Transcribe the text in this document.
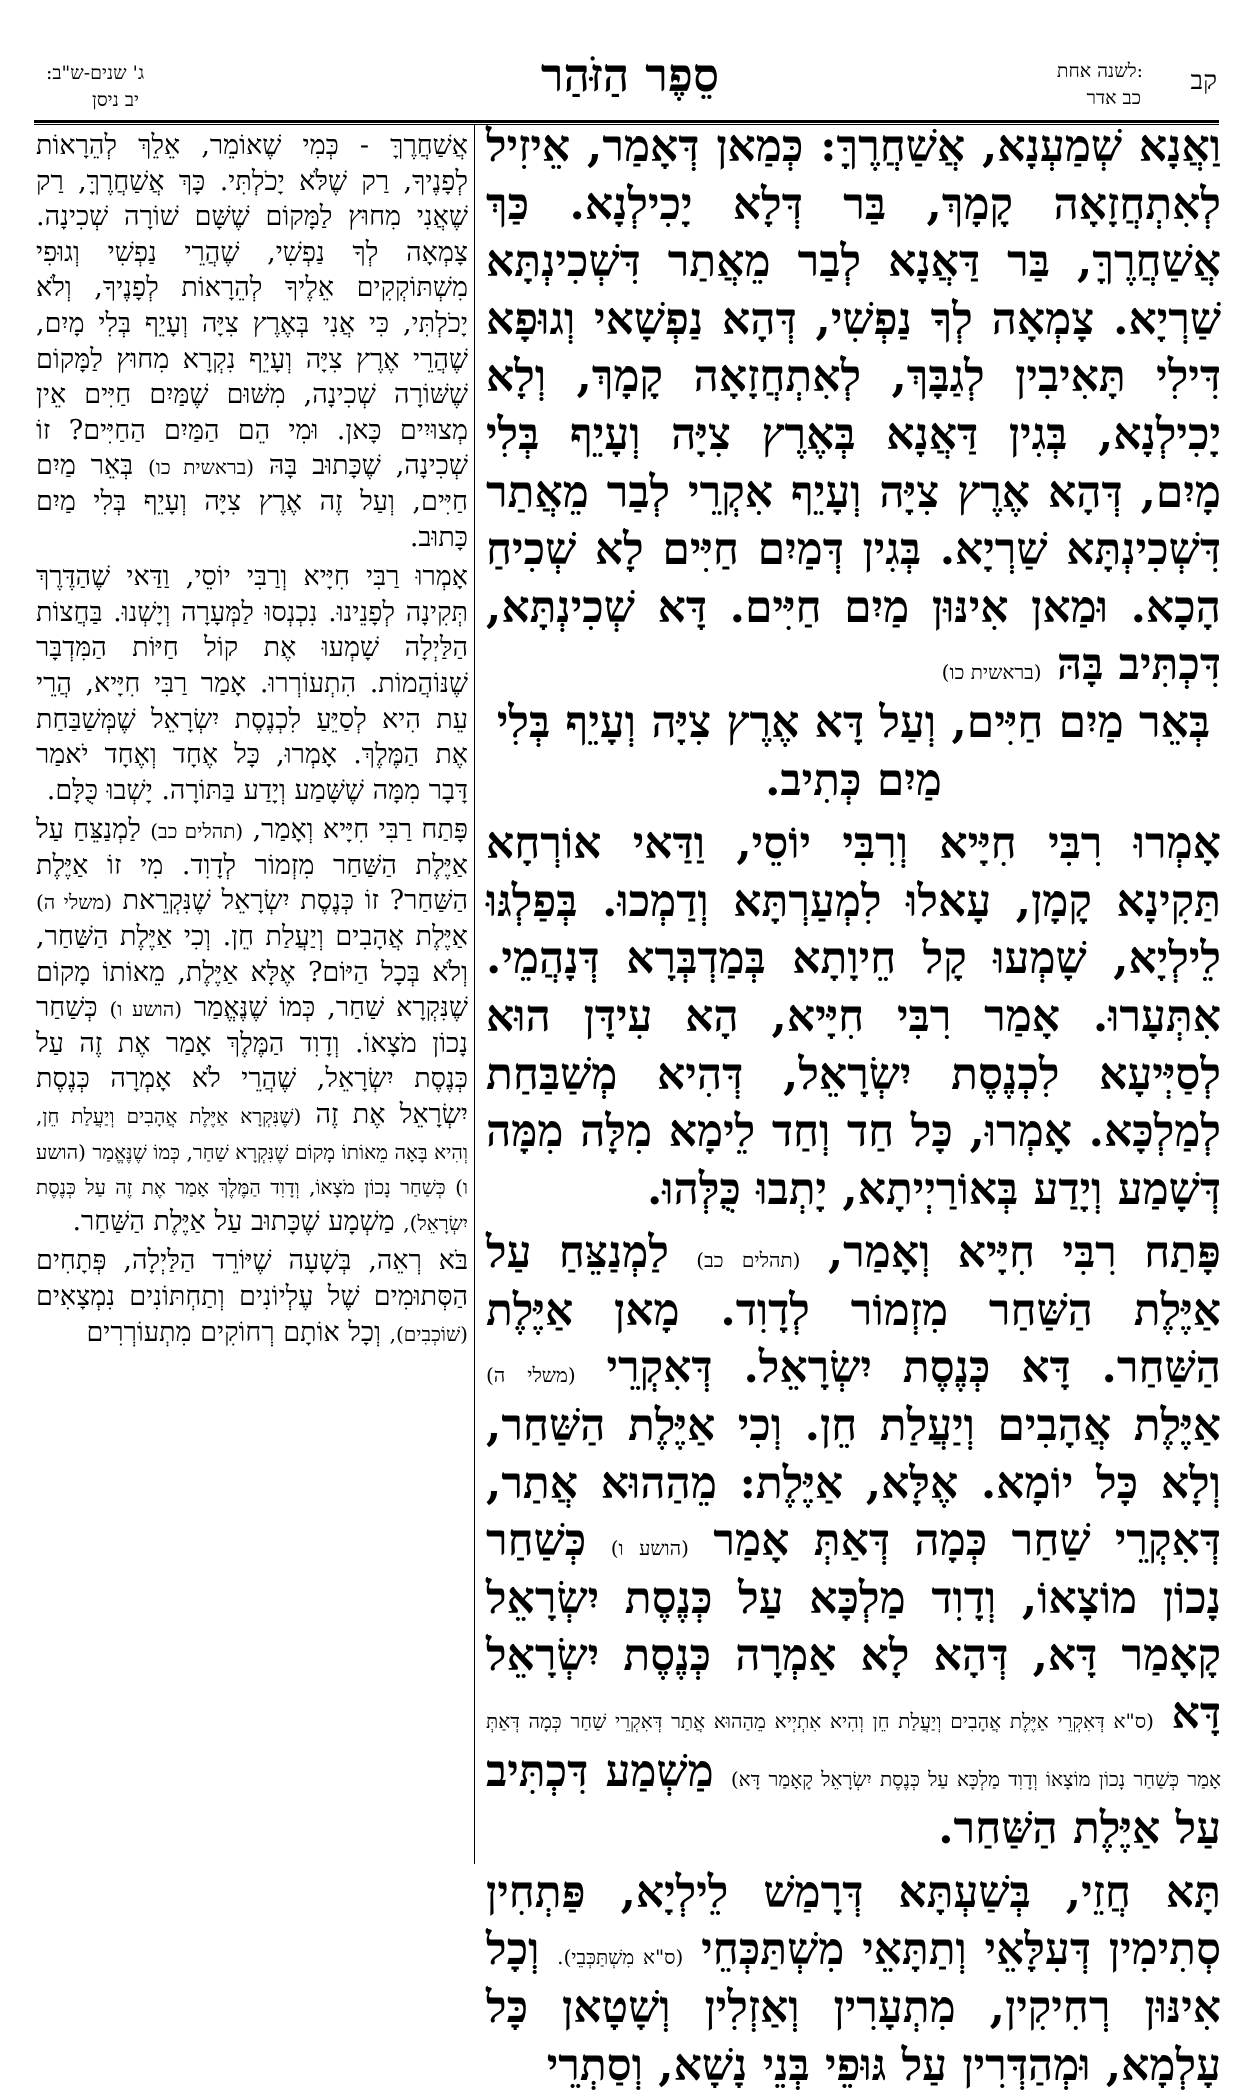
קב
לשנה אחת:
כב אדר
סֵפֶר הַזֹּהַר
ג' שנים-ש"ב:
יב ניסן

וַאֲנָא שְׁמַעְנָא, אֲשַׁחֲרֶךָּ: כְּמַאן דְּאָמַר, אֵיזִיל לְאִתְחֲזָאָה קָמָךְ, בַּר דְּלָא יָכִילְנָא. כַּךְ אֲשַׁחֲרֶךָּ, בַּר דַּאֲנָא לְבַר מֵאֲתַר דִּשְׁכִינְתָּא שַׁרְיָא. צָמְאָה לְךָ נַפְשִׁי, דְּהָא נַפְשָׁאי וְגוּפָא דִּילִי תָּאִיבִין לְגַבָּךְ, לְאִתְחֲזָאָה קָמָךְ, וְלָא יָכִילְנָא, בְּגִין דַּאֲנָא בְּאֶרֶץ צִיָּה וְעָיֵף בְּלִי מָיִם, דְּהָא אֶרֶץ צִיָּה וְעָיֵף אִקְרֵי לְבַר מֵאֲתַר דִּשְׁכִינְתָּא שַׁרְיָא. בְּגִין דְּמַיִם חַיִּים לָא שְׁכִיחַ הָכָא. וּמַאן אִינּוּן מַיִם חַיִּים. דָּא שְׁכִינְתָּא, דִּכְתִּיב בָּהּ (בראשית כו)

בְּאֵר מַיִם חַיִּים, וְעַל דָּא אֶרֶץ צִיָּה וְעָיֵף בְּלִי מַיִם כְּתִיב.

אָמְרוּ רִבִּי חִיָּיא וְרִבִּי יוֹסֵי, וַדַּאי אוֹרְחָא תַּקִינָא קָמָן, עָאלוּ לִמְעַרְתָּא וְדַמְכוּ. בְּפַלְגּוּ לֵילְיָא, שָׁמְעוּ קָל חֵיוָתָא בְּמַדְבְּרָא דְּנָהֲמֵי. אִתְּעָרוּ. אָמַר רִבִּי חִיָּיא, הָא עִידָּן הוּא לְסַיְּיעָא לִכְנֶסֶת יִשְׂרָאֵל, דְּהִיא מְשַׁבַּחַת לְמַלְכָּא. אָמְרוּ, כָּל חַד וְחַד לֵימָא מִלָּה מִמָּה דְּשָׁמַע וְיָדַע בְּאוֹרַיְיתָא, יָתְבוּ כֻּלְּהוּ.

פָּתַח רִבִּי חִיָּיא וְאָמַר, (תהלים כב) לַמְנַצֵּחַ עַל אַיֶּלֶת הַשַּׁחַר מִזְמוֹר לְדָוִד. מָאן אַיֶּלֶת הַשַּׁחַר. דָּא כְּנֶסֶת יִשְׂרָאֵל. דְּאִקְרֵי (משלי ה) אַיֶּלֶת אֲהָבִים וְיַעֲלַת חֵן. וְכִי אַיֶּלֶת הַשַּׁחַר, וְלָא כָּל יוֹמָא. אֶלָּא, אַיֶּלֶת: מֵהַהוּא אֲתַר, דְּאִקְרֵי שַׁחַר כְּמָה דְּאַתְּ אָמַר (הושע ו) כְּשַׁחַר נָכוֹן מוֹצָאוֹ, וְדָוִד מַלְכָּא עַל כְּנֶסֶת יִשְׂרָאֵל קָאָמַר דָּא, דְּהָא לָא אַמְרָה כְּנֶסֶת יִשְׂרָאֵל דָּא (ס"א דְּאִקְרֵי אַיֶּלֶת אֲהָבִים וְיַעֲלַת חֵן וְהִיא אִתְיְיא מֵהַהוּא אֲתַר דְּאִקְרֵי שַׁחַר כְּמָה דְּאַתְּ אָמַר כְּשַׁחַר נָכוֹן מוֹצָאוֹ וְדָוִד מַלְכָּא עַל כְּנֶסֶת יִשְׂרָאֵל קָאָמַר דָּא) מַשְׁמַע דִּכְתִּיב עַל אַיֶּלֶת הַשַּׁחַר.

תָּא חֲזֵי, בְּשַׁעְתָּא דְּרָמַשׁ לֵילְיָא, פַּתְחִין סְתִימִין דְּעִלָּאֵי וְתַתָּאֵי מִשְׁתַּכְּחֵי (ס"א מִשְׁתַּכְּבֵי). וְכָל אִינּוּן רְחִיקִין, מִתְעָרִין וְאַזְלִין וְשָׁטָאן כָּל עָלְמָא, וּמְהַדְּרִין עַל גּוּפֵי בְּנֵי נָשָׁא, וְסַתְרֵי

אֲשַׁחֲרֶךָּ - כְּמִי שֶׁאוֹמֵר, אֵלֵךְ לְהֵרָאוֹת לְפָנֶיךָ, רַק שֶׁלֹּא יָכֹלְתִּי. כָּךְ אֲשַׁחֲרֶךָּ, רַק שֶׁאֲנִי מִחוּץ לַמָּקוֹם שֶׁשָּׁם שׁוֹרָה שְׁכִינָה. צָמְאָה לְךָ נַפְשִׁי, שֶׁהֲרֵי נַפְשִׁי וְגוּפִי מִשְׁתּוֹקְקִים אֵלֶיךָ לְהֵרָאוֹת לְפָנֶיךָ, וְלֹא יָכֹלְתִּי, כִּי אֲנִי בְּאֶרֶץ צִיָּה וְעָיֵף בְּלִי מָיִם, שֶׁהֲרֵי אֶרֶץ צִיָּה וְעָיֵף נִקְרָא מִחוּץ לַמָּקוֹם שֶׁשּׁוֹרָה שְׁכִינָה, מִשּׁוּם שֶׁמַּיִם חַיִּים אֵין מְצוּיִים כָּאן. וּמִי הֵם הַמַּיִם הַחַיִּים? זוֹ שְׁכִינָה, שֶׁכָּתוּב בָּהּ (בראשית כו) בְּאֵר מַיִם חַיִּים, וְעַל זֶה אֶרֶץ צִיָּה וְעָיֵף בְּלִי מַיִם כָּתוּב.

אָמְרוּ רַבִּי חִיָּיא וְרַבִּי יוֹסֵי, וַדַּאי שֶׁהַדֶּרֶךְ תְּקִינָה לְפָנֵינוּ. נִכְנְסוּ לַמְּעָרָה וְיָשְׁנוּ. בַּחֲצוֹת הַלַּיְלָה שָׁמְעוּ אֶת קוֹל חַיּוֹת הַמִּדְבָּר שֶׁנּוֹהֲמוֹת. הִתְעוֹרְרוּ. אָמַר רַבִּי חִיָּיא, הֲרֵי עֵת הִיא לְסַיֵּעַ לִכְנֶסֶת יִשְׂרָאֵל שֶׁמְּשַׁבַּחַת אֶת הַמֶּלֶךְ. אָמְרוּ, כָּל אֶחָד וְאֶחָד יֹאמַר דָּבָר מִמָּה שֶׁשָּׁמַע וְיָדַע בַּתּוֹרָה. יָשְׁבוּ כֻּלָּם.

פָּתַח רַבִּי חִיָּיא וְאָמַר, (תהלים כב) לַמְנַצֵּחַ עַל אַיֶּלֶת הַשַּׁחַר מִזְמוֹר לְדָוִד. מִי זוֹ אַיֶּלֶת הַשַּׁחַר? זוֹ כְּנֶסֶת יִשְׂרָאֵל שֶׁנִּקְרֵאת (משלי ה) אַיֶּלֶת אֲהָבִים וְיַעֲלַת חֵן. וְכִי אַיֶּלֶת הַשַּׁחַר, וְלֹא בְּכָל הַיּוֹם? אֶלָּא אַיֶּלֶת, מֵאוֹתוֹ מָקוֹם שֶׁנִּקְרָא שַׁחַר, כְּמוֹ שֶׁנֶּאֱמַר (הושע ו) כְּשַׁחַר נָכוֹן מֹצָאוֹ. וְדָוִד הַמֶּלֶךְ אָמַר אֶת זֶה עַל כְּנֶסֶת יִשְׂרָאֵל, שֶׁהֲרֵי לֹא אָמְרָה כְּנֶסֶת יִשְׂרָאֵל אֶת זֶה (שֶׁנִּקְרָא אַיֶּלֶת אֲהָבִים וְיַעֲלַת חֵן, וְהִיא בָּאָה מֵאוֹתוֹ מָקוֹם שֶׁנִּקְרָא שַׁחַר, כְּמוֹ שֶׁנֶּאֱמַר (הושע ו) כְּשַׁחַר נָכוֹן מֹצָאוֹ, וְדָוִד הַמֶּלֶךְ אָמַר אֶת זֶה עַל כְּנֶסֶת יִשְׂרָאֵל), מַשְׁמָע שֶׁכָּתוּב עַל אַיֶּלֶת הַשַּׁחַר.

בֹּא רְאֵה, בְּשָׁעָה שֶׁיּוֹרֵד הַלַּיְלָה, פְּתָחִים הַסְּתוּמִים שֶׁל עֶלְיוֹנִים וְתַחְתּוֹנִים נִמְצָאִים (שׁוֹכְבִים), וְכָל אוֹתָם רְחוֹקִים מִתְעוֹרְרִים
